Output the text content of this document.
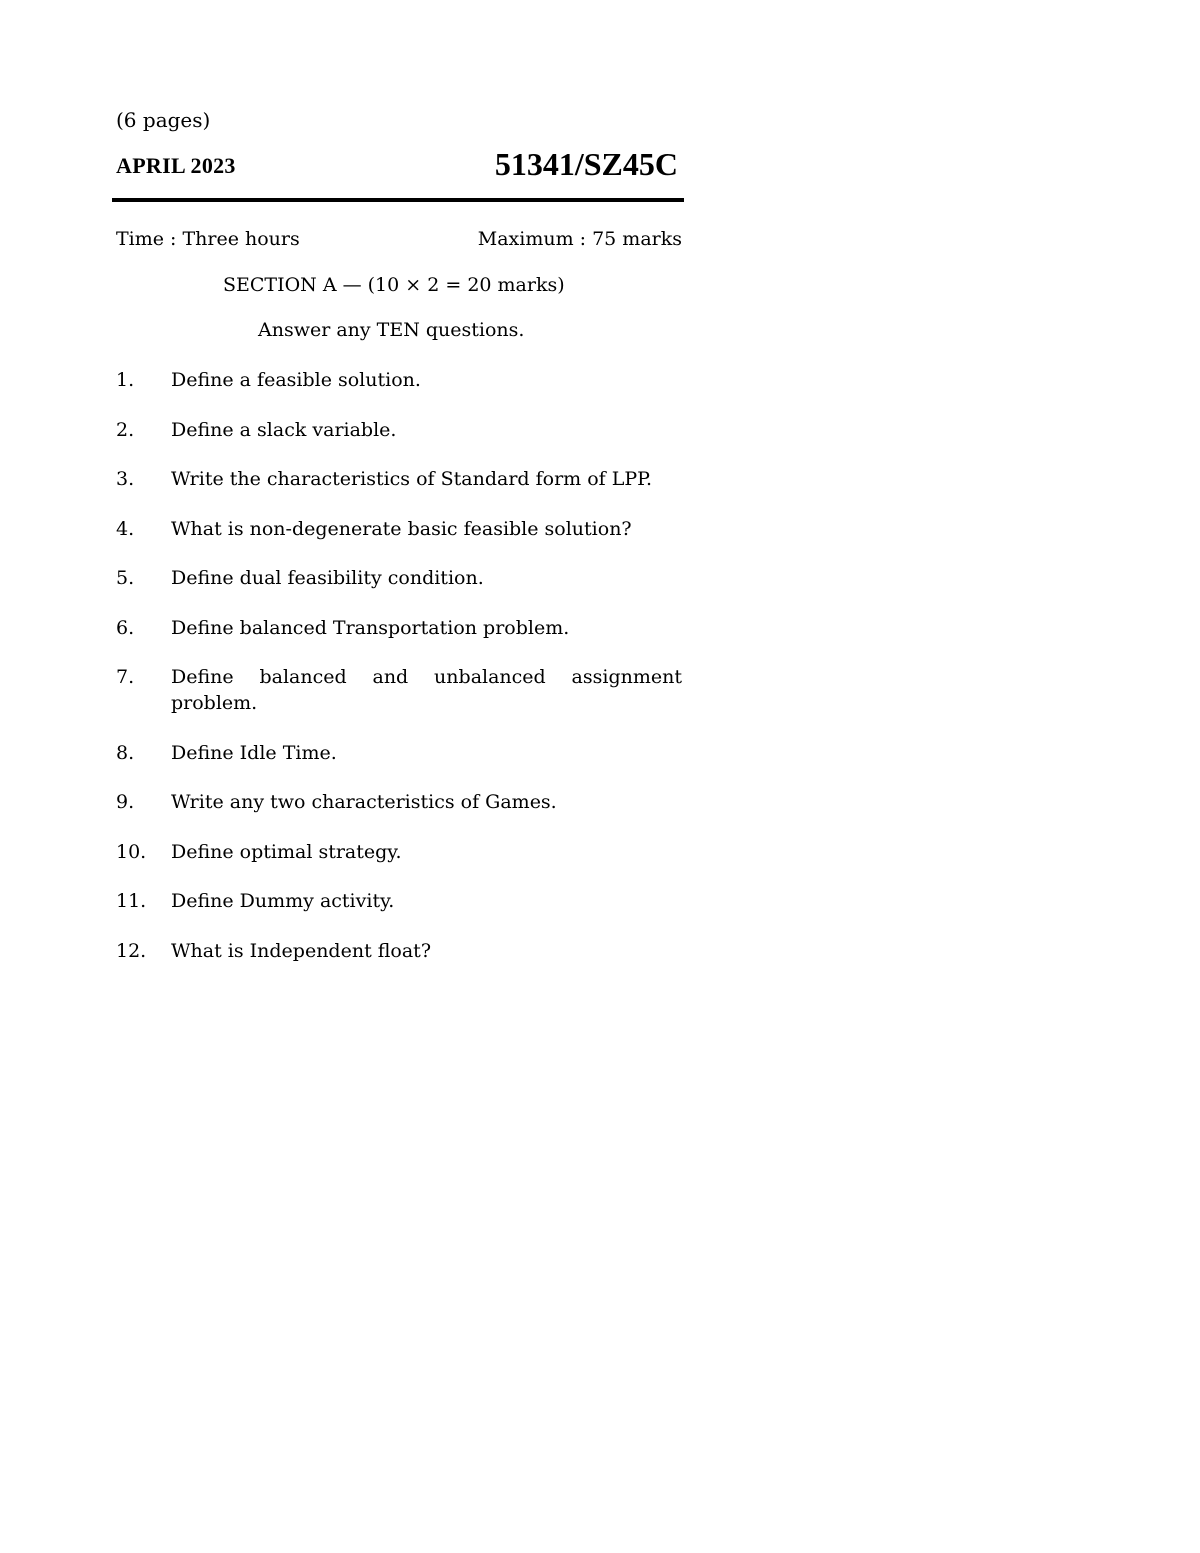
(6 pages)

APRIL 2023	51341/SZ45C
Time : Three hours	Maximum : 75 marks
SECTION A — (10 × 2 = 20 marks)
Answer any TEN questions.
1.	Define a feasible solution.
2.	Define a slack variable.
3.	Write the characteristics of Standard form of LPP.
4.	What is non-degenerate basic feasible solution?
5.	Define dual feasibility condition.
6.	Define balanced Transportation problem.
7.	Define balanced and unbalanced assignment problem.
8.	Define Idle Time.
9.	Write any two characteristics of Games.
10.	Define optimal strategy.
11.	Define Dummy activity.
12.	What is Independent float?
